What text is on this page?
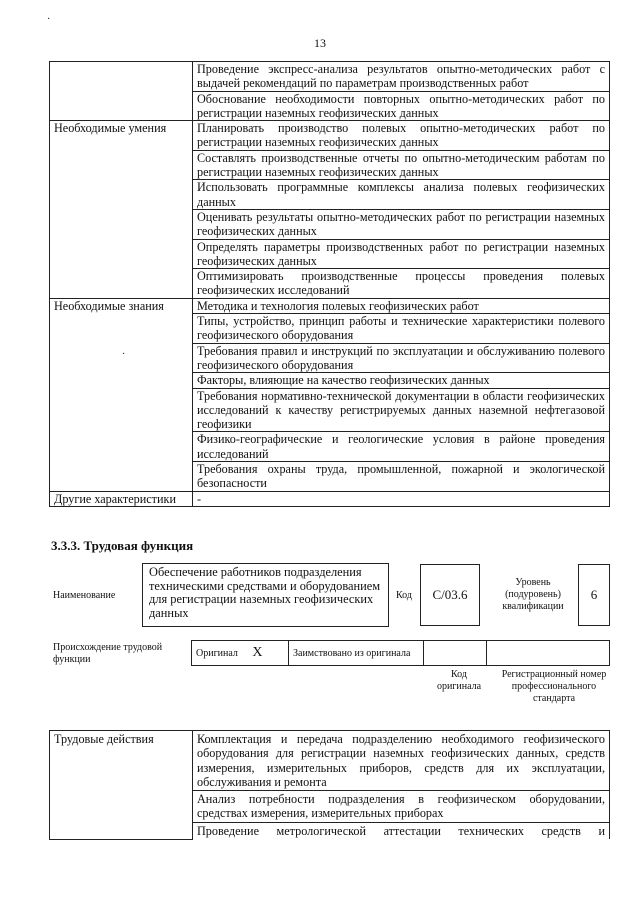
·
·
13
	Проведение экспресс-анализа результатов опытно-методических работ с выдачей рекомендаций по параметрам производственных работ
	Обоснование необходимости повторных опытно-методических работ по регистрации наземных геофизических данных
Необходимые умения	Планировать производство полевых опытно-методических работ по регистрации наземных геофизических данных
	Составлять производственные отчеты по опытно-методическим работам по регистрации наземных геофизических данных
	Использовать программные комплексы анализа полевых геофизических данных
	Оценивать результаты опытно-методических работ по регистрации наземных геофизических данных
	Определять параметры производственных работ по регистрации наземных геофизических данных
	Оптимизировать производственные процессы проведения полевых геофизических исследований
Необходимые знания	Методика и технология полевых геофизических работ
	Типы, устройство, принцип работы и технические характеристики полевого геофизического оборудования
	Требования правил и инструкций по эксплуатации и обслуживанию полевого геофизического оборудования
	Факторы, влияющие на качество геофизических данных
	Требования нормативно-технической документации в области геофизических исследований к качеству регистрируемых данных наземной нефтегазовой геофизики
	Физико-географические и геологические условия в районе проведения исследований
	Требования охраны труда, промышленной, пожарной и экологической безопасности
Другие характеристики	-
3.3.3. Трудовая функция
Наименование
Обеспечение работников подразделения техническими средствами и оборудованием для регистрации наземных геофизических данных
Код	С/03.6
Уровень (подуровень) квалификации
6
Происхождение трудовой функции
Оригинал X	Заимствовано из оригинала		
Код оригинала
Регистрационный номер профессионального стандарта
Трудовые действия	Комплектация и передача подразделению необходимого геофизического оборудования для регистрации наземных геофизических данных, средств измерения, измерительных приборов, средств для их эксплуатации, обслуживания и ремонта
Анализ потребности подразделения в геофизическом оборудовании, средствах измерения, измерительных приборах
Проведение метрологической аттестации технических средств и
